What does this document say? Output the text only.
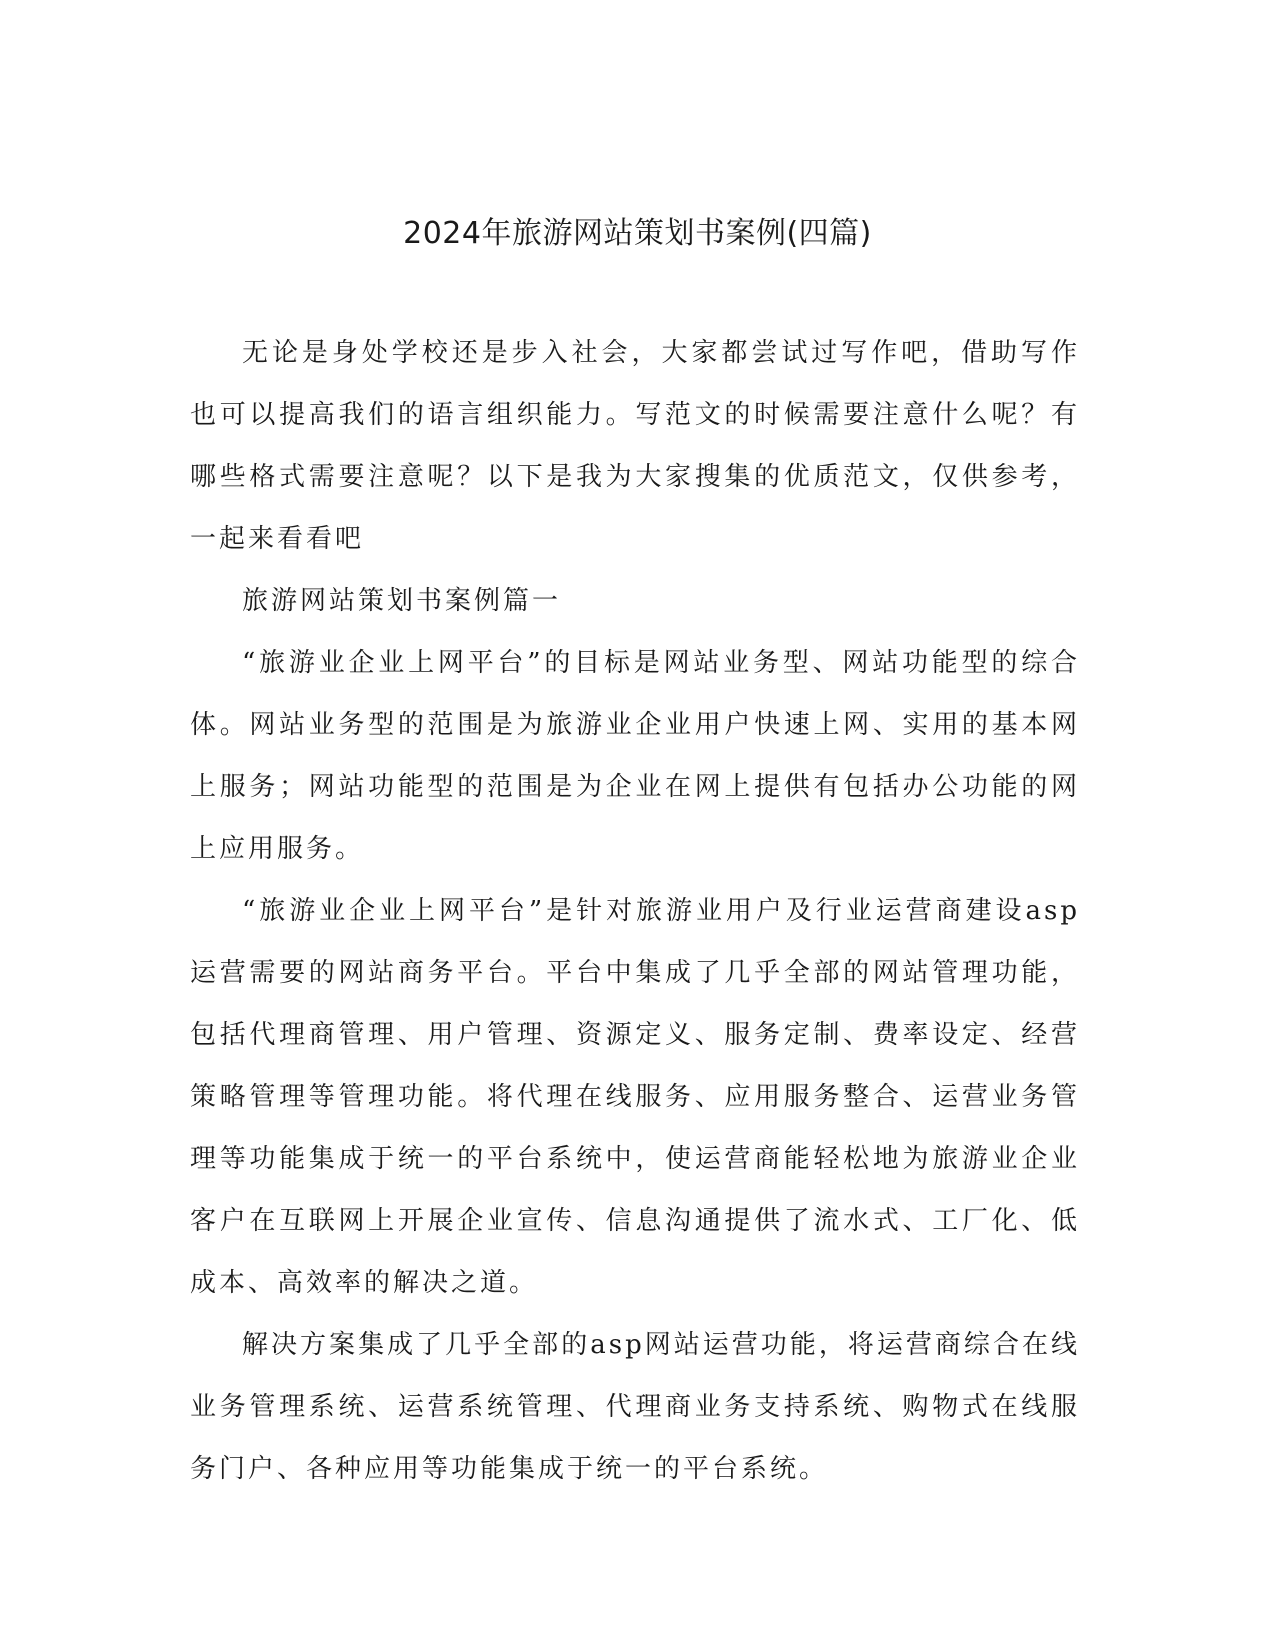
2024年旅游网站策划书案例(四篇)

无论是身处学校还是步入社会，大家都尝试过写作吧，借助写作也可以提高我们的语言组织能力。写范文的时候需要注意什么呢？有哪些格式需要注意呢？以下是我为大家搜集的优质范文，仅供参考，一起来看看吧

旅游网站策划书案例篇一

“旅游业企业上网平台”的目标是网站业务型、网站功能型的综合体。网站业务型的范围是为旅游业企业用户快速上网、实用的基本网上服务；网站功能型的范围是为企业在网上提供有包括办公功能的网上应用服务。

“旅游业企业上网平台”是针对旅游业用户及行业运营商建设asp运营需要的网站商务平台。平台中集成了几乎全部的网站管理功能，包括代理商管理、用户管理、资源定义、服务定制、费率设定、经营策略管理等管理功能。将代理在线服务、应用服务整合、运营业务管理等功能集成于统一的平台系统中，使运营商能轻松地为旅游业企业客户在互联网上开展企业宣传、信息沟通提供了流水式、工厂化、低成本、高效率的解决之道。

解决方案集成了几乎全部的asp网站运营功能，将运营商综合在线业务管理系统、运营系统管理、代理商业务支持系统、购物式在线服务门户、各种应用等功能集成于统一的平台系统。
